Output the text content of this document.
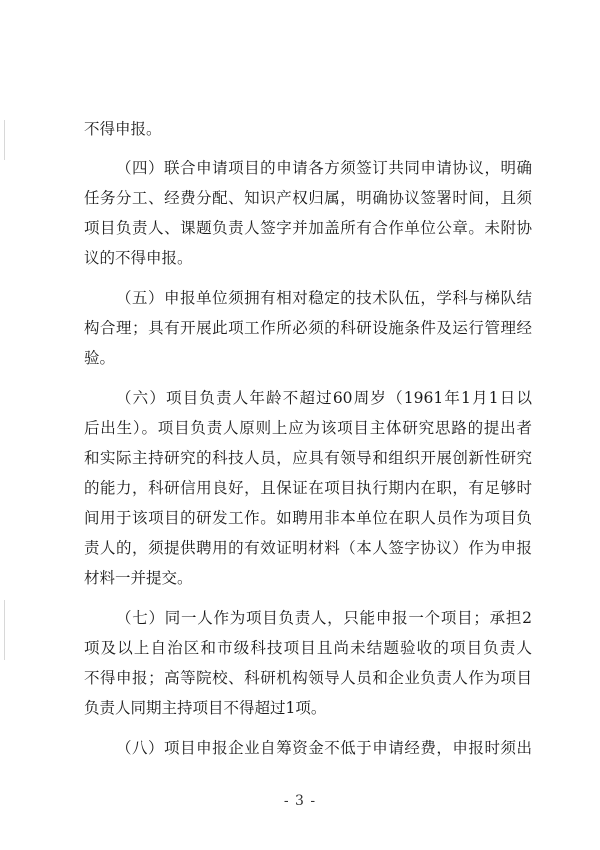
不得申报。
（四）联合申请项目的申请各方须签订共同申请协议，明确
任务分工、经费分配、知识产权归属，明确协议签署时间，且须
项目负责人、课题负责人签字并加盖所有合作单位公章。未附协
议的不得申报。
（五）申报单位须拥有相对稳定的技术队伍，学科与梯队结
构合理；具有开展此项工作所必须的科研设施条件及运行管理经
验。
（六）项目负责人年龄不超过60周岁（1961年1月1日以
后出生）。项目负责人原则上应为该项目主体研究思路的提出者
和实际主持研究的科技人员，应具有领导和组织开展创新性研究
的能力，科研信用良好，且保证在项目执行期内在职，有足够时
间用于该项目的研发工作。如聘用非本单位在职人员作为项目负
责人的，须提供聘用的有效证明材料（本人签字协议）作为申报
材料一并提交。
（七）同一人作为项目负责人，只能申报一个项目；承担2
项及以上自治区和市级科技项目且尚未结题验收的项目负责人
不得申报；高等院校、科研机构领导人员和企业负责人作为项目
负责人同期主持项目不得超过1项。
（八）项目申报企业自筹资金不低于申请经费，申报时须出
- 3 -
